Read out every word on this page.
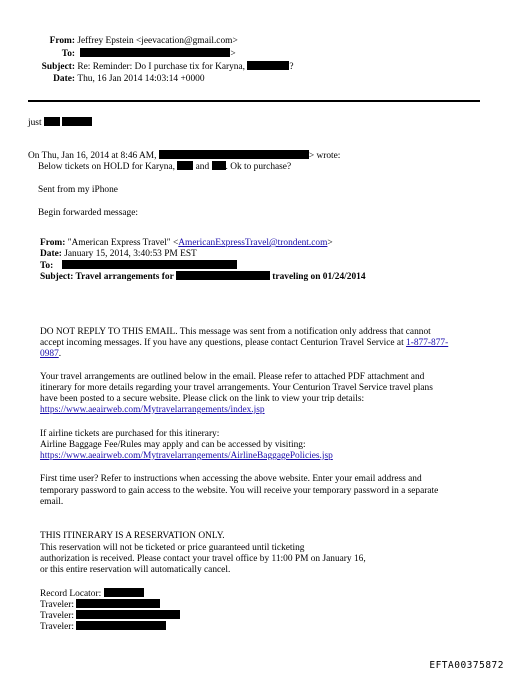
From: Jeffrey Epstein <jeevacation@gmail.com>
To:	>
Subject: Re: Reminder: Do I purchase tix for Karyna,	?
Date: Thu, 16 Jan 2014 14:03:14 +0000
just
On Thu, Jan 16, 2014 at 8:46 AM,	> wrote:
Below tickets on HOLD for Karyna, and . Ok to purchase?
Sent from my iPhone
Begin forwarded message:
From: "American Express Travel" <AmericanExpressTravel@trondent.com>
Date: January 15, 2014, 3:40:53 PM EST
To:
Subject: Travel arrangements for	traveling on 01/24/2014
DO NOT REPLY TO THIS EMAIL. This message was sent from a notification only address that cannot
accept incoming messages. If you have any questions, please contact Centurion Travel Service at 1-877-877-
0987.
Your travel arrangements are outlined below in the email. Please refer to attached PDF attachment and
itinerary for more details regarding your travel arrangements. Your Centurion Travel Service travel plans
have been posted to a secure website. Please click on the link to view your trip details:
https://www.aeairweb.com/Mytravelarrangements/index.jsp
If airline tickets are purchased for this itinerary:
Airline Baggage Fee/Rules may apply and can be accessed by visiting:
https://www.aeairweb.com/Mytravelarrangements/AirlineBaggagePolicies.jsp
First time user? Refer to instructions when accessing the above website. Enter your email address and
temporary password to gain access to the website. You will receive your temporary password in a separate
email.
THIS ITINERARY IS A RESERVATION ONLY.
This reservation will not be ticketed or price guaranteed until ticketing
authorization is received. Please contact your travel office by 11:00 PM on January 16,
or this entire reservation will automatically cancel.
Record Locator:
Traveler:
Traveler:
Traveler:
EFTA00375872
